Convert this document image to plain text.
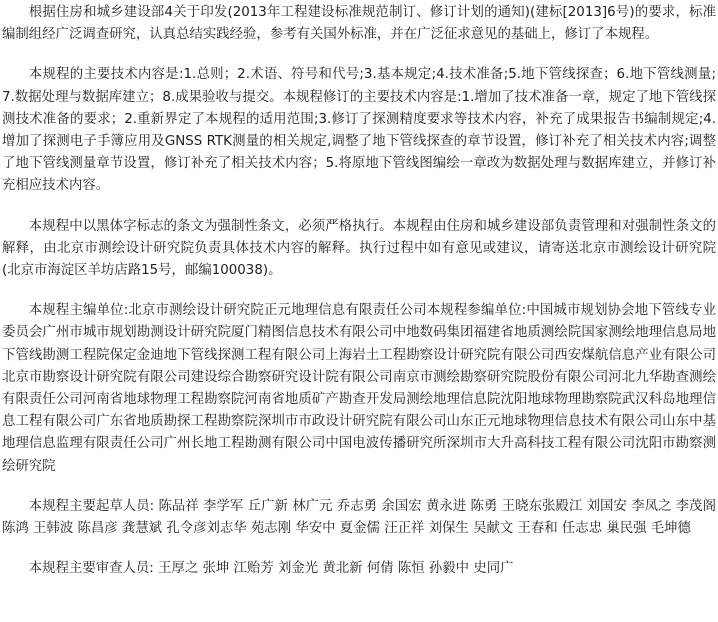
根据住房和城乡建设部4关于印发(2013年工程建设标准规范制订、修订计划的通知)(建标[2013]6号)的要求，标准编制组经广泛调查研究，认真总结实践经验，参考有关国外标准，并在广泛征求意见的基础上，修订了本规程。

本规程的主要技术内容是:1.总则；2.术语、符号和代号;3.基本规定;4.技术准备;5.地下管线探查；6.地下管线测量;7.数据处理与数据库建立；8.成果验收与提交。本规程修订的主要技术内容是:1.增加了技术准备一章，规定了地下管线探测技术准备的要求；2.重新界定了本规程的适用范围;3.修订了探测精度要求等技术内容，补充了成果报告书编制规定;4.增加了探测电子手簿应用及GNSS RTK测量的相关规定,调整了地下管线探查的章节设置，修订补充了相关技术内容;调整了地下管线测量章节设置，修订补充了相关技术内容；5.将原地下管线图编绘一章改为数据处理与数据库建立，并修订补充相应技术内容。

本规程中以黑体字标志的条文为强制性条文，必须严格执行。本规程由住房和城乡建设部负责管理和对强制性条文的解释，由北京市测绘设计研究院负责具体技术内容的解释。执行过程中如有意见或建议，请寄送北京市测绘设计研究院(北京市海淀区羊坊店路15号，邮编100038)。

本规程主编单位:北京市测绘设计研究院正元地理信息有限责任公司本规程参编单位:中国城市规划协会地下管线专业委员会广州市城市规划勘测设计研究院厦门精图信息技术有限公司中地数码集团福建省地质测绘院国家测绘地理信息局地下管线勘测工程院保定金迪地下管线探测工程有限公司上海岩土工程勘察设计研究院有限公司西安煤航信息产业有限公司北京市勘察设计研究院有限公司建设综合勘察研究设计院有限公司南京市测绘勘察研究院股份有限公司河北九华勘查测绘有限责任公司河南省地球物理工程勘察院河南省地质矿产勘查开发局测绘地理信息院沈阳地球物理勘察院武汉科岛地理信息工程有限公司广东省地质勘探工程勘察院深圳市市政设计研究院有限公司山东正元地球物理信息技术有限公司山东中基地理信息监理有限责任公司广州长地工程勘测有限公司中国电波传播研究所深圳市大升高科技工程有限公司沈阳市勘察测绘研究院

本规程主要起草人员: 陈品祥 李学军 丘广新 林广元 乔志勇 余国宏 黄永进 陈勇 王晓东张殿江 刘国安 李凤之 李茂阁 陈鸿 王韩波 陈昌彦 龚慧斌 孔令彦刘志华 苑志刚 华安中 夏金儒 汪正祥 刘保生 吴献文 王春和 任志忠 巢民强 毛坤德

本规程主要审查人员: 王厚之 张坤 江贻芳 刘金光 黄北新 何倩 陈恒 孙毅中 史同广
